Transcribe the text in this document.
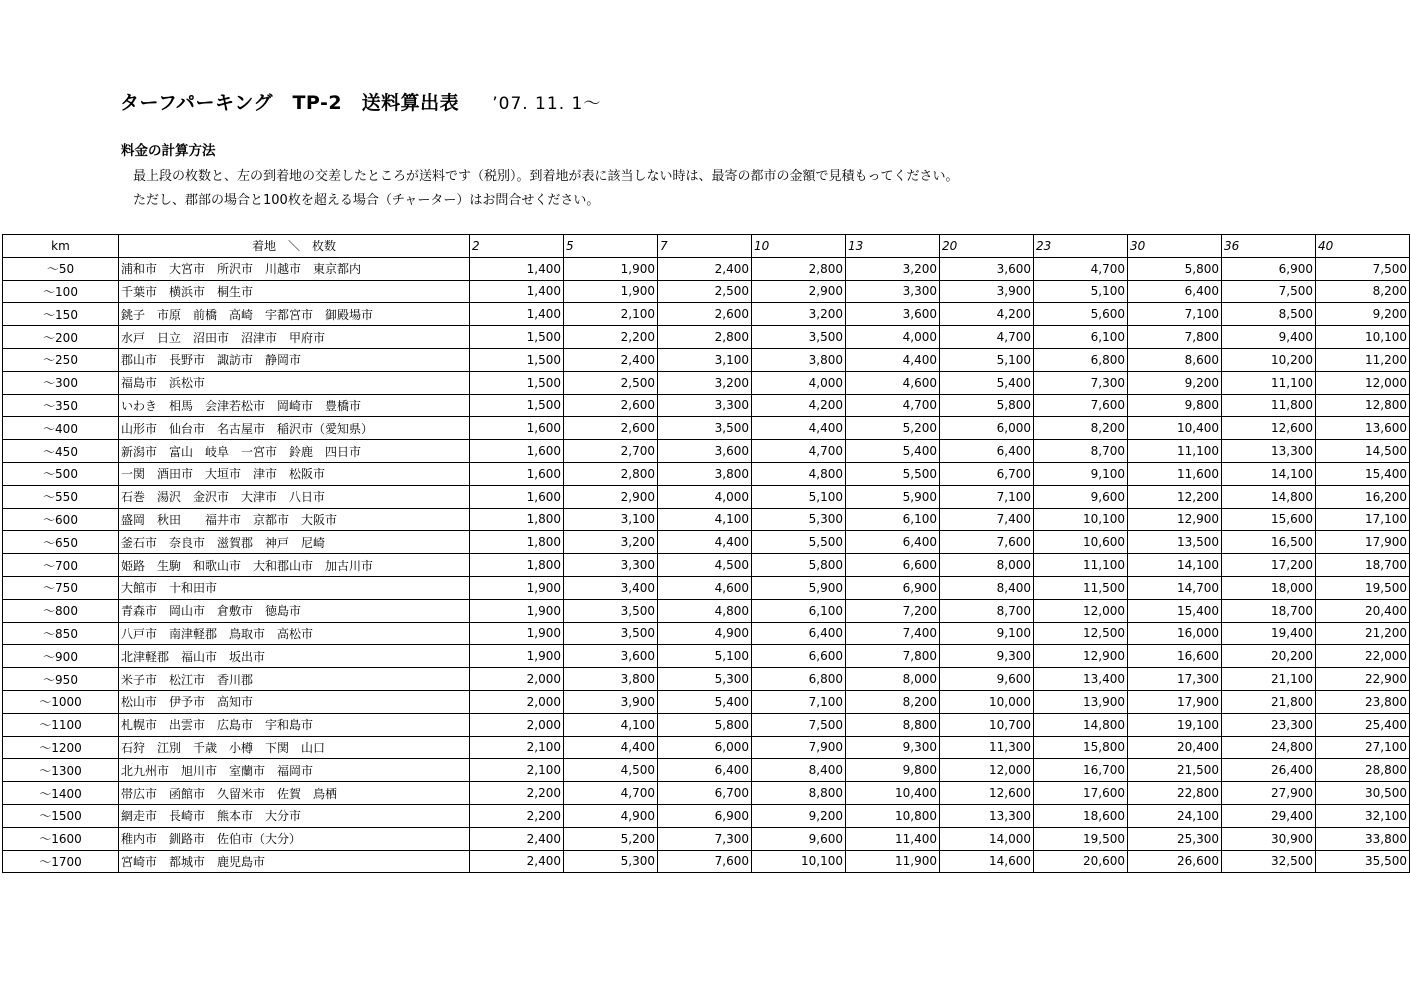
ターフパーキング　TP-2　送料算出表 ’07. 11. 1～
料金の計算方法
最上段の枚数と、左の到着地の交差したところが送料です（税別）。到着地が表に該当しない時は、最寄の都市の金額で見積もってください。
ただし、郡部の場合と100枚を超える場合（チャーター）はお問合せください。
km	着地　＼　枚数	2	5	7	10	13	20	23	30	36	40
～50	浦和市　大宮市　所沢市　川越市　東京都内	1,400	1,900	2,400	2,800	3,200	3,600	4,700	5,800	6,900	7,500
～100	千葉市　横浜市　桐生市	1,400	1,900	2,500	2,900	3,300	3,900	5,100	6,400	7,500	8,200
～150	銚子　市原　前橋　高崎　宇都宮市　御殿場市	1,400	2,100	2,600	3,200	3,600	4,200	5,600	7,100	8,500	9,200
～200	水戸　日立　沼田市　沼津市　甲府市	1,500	2,200	2,800	3,500	4,000	4,700	6,100	7,800	9,400	10,100
～250	郡山市　長野市　諏訪市　静岡市	1,500	2,400	3,100	3,800	4,400	5,100	6,800	8,600	10,200	11,200
～300	福島市　浜松市	1,500	2,500	3,200	4,000	4,600	5,400	7,300	9,200	11,100	12,000
～350	いわき　相馬　会津若松市　岡崎市　豊橋市	1,500	2,600	3,300	4,200	4,700	5,800	7,600	9,800	11,800	12,800
～400	山形市　仙台市　名古屋市　稲沢市（愛知県）	1,600	2,600	3,500	4,400	5,200	6,000	8,200	10,400	12,600	13,600
～450	新潟市　富山　岐阜　一宮市　鈴鹿　四日市	1,600	2,700	3,600	4,700	5,400	6,400	8,700	11,100	13,300	14,500
～500	一関　酒田市　大垣市　津市　松阪市	1,600	2,800	3,800	4,800	5,500	6,700	9,100	11,600	14,100	15,400
～550	石巻　湯沢　金沢市　大津市　八日市	1,600	2,900	4,000	5,100	5,900	7,100	9,600	12,200	14,800	16,200
～600	盛岡　秋田　　福井市　京都市　大阪市	1,800	3,100	4,100	5,300	6,100	7,400	10,100	12,900	15,600	17,100
～650	釜石市　奈良市　滋賀郡　神戸　尼崎	1,800	3,200	4,400	5,500	6,400	7,600	10,600	13,500	16,500	17,900
～700	姫路　生駒　和歌山市　大和郡山市　加古川市	1,800	3,300	4,500	5,800	6,600	8,000	11,100	14,100	17,200	18,700
～750	大館市　十和田市	1,900	3,400	4,600	5,900	6,900	8,400	11,500	14,700	18,000	19,500
～800	青森市　岡山市　倉敷市　徳島市	1,900	3,500	4,800	6,100	7,200	8,700	12,000	15,400	18,700	20,400
～850	八戸市　南津軽郡　鳥取市　高松市	1,900	3,500	4,900	6,400	7,400	9,100	12,500	16,000	19,400	21,200
～900	北津軽郡　福山市　坂出市	1,900	3,600	5,100	6,600	7,800	9,300	12,900	16,600	20,200	22,000
～950	米子市　松江市　香川郡	2,000	3,800	5,300	6,800	8,000	9,600	13,400	17,300	21,100	22,900
～1000	松山市　伊予市　高知市	2,000	3,900	5,400	7,100	8,200	10,000	13,900	17,900	21,800	23,800
～1100	札幌市　出雲市　広島市　宇和島市	2,000	4,100	5,800	7,500	8,800	10,700	14,800	19,100	23,300	25,400
～1200	石狩　江別　千歳　小樽　下関　山口	2,100	4,400	6,000	7,900	9,300	11,300	15,800	20,400	24,800	27,100
～1300	北九州市　旭川市　室蘭市　福岡市	2,100	4,500	6,400	8,400	9,800	12,000	16,700	21,500	26,400	28,800
～1400	帯広市　函館市　久留米市　佐賀　鳥栖	2,200	4,700	6,700	8,800	10,400	12,600	17,600	22,800	27,900	30,500
～1500	網走市　長崎市　熊本市　大分市	2,200	4,900	6,900	9,200	10,800	13,300	18,600	24,100	29,400	32,100
～1600	稚内市　釧路市　佐伯市（大分）	2,400	5,200	7,300	9,600	11,400	14,000	19,500	25,300	30,900	33,800
～1700	宮崎市　都城市　鹿児島市	2,400	5,300	7,600	10,100	11,900	14,600	20,600	26,600	32,500	35,500
